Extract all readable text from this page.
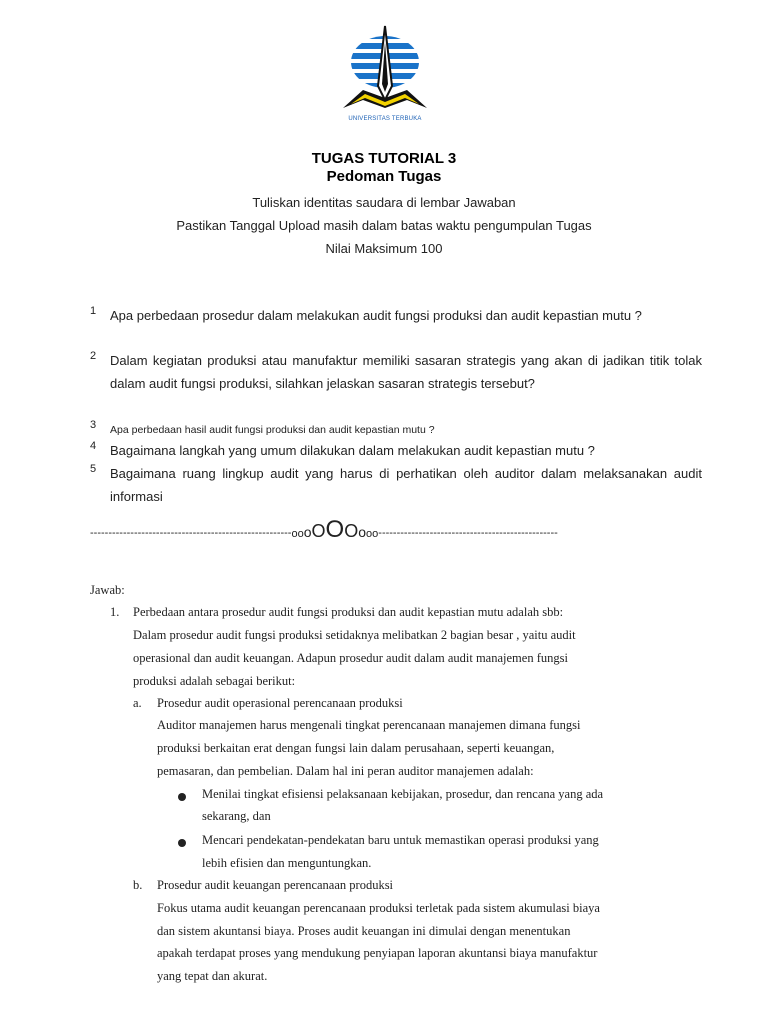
UNIVERSITAS TERBUKA
TUGAS TUTORIAL 3
Pedoman Tugas
Tuliskan identitas saudara di lembar Jawaban
Pastikan Tanggal Upload masih dalam batas waktu pengumpulan Tugas
Nilai Maksimum 100
1 Apa perbedaan prosedur dalam melakukan audit fungsi produksi dan audit kepastian mutu ?
2 Dalam kegiatan produksi atau manufaktur memiliki sasaran strategis yang akan di jadikan titik tolak dalam audit fungsi produksi, silahkan jelaskan sasaran strategis tersebut?
3 Apa perbedaan hasil audit fungsi produksi dan audit kepastian mutu ?
4 Bagaimana langkah yang umum dilakukan dalam melakukan audit kepastian mutu ?
5 Bagaimana ruang lingkup audit yang harus di perhatikan oleh auditor dalam melaksanakan audit informasi
-------------------------------------------------------oooOOOooo-------------------------------------------------
Jawab:
1. Perbedaan antara prosedur audit fungsi produksi dan audit kepastian mutu adalah sbb:
Dalam prosedur audit fungsi produksi setidaknya melibatkan 2 bagian besar , yaitu audit
operasional dan audit keuangan. Adapun prosedur audit dalam audit manajemen fungsi
produksi adalah sebagai berikut:
a. Prosedur audit operasional perencanaan produksi
Auditor manajemen harus mengenali tingkat perencanaan manajemen dimana fungsi
produksi berkaitan erat dengan fungsi lain dalam perusahaan, seperti keuangan,
pemasaran, dan pembelian. Dalam hal ini peran auditor manajemen adalah:
Menilai tingkat efisiensi pelaksanaan kebijakan, prosedur, dan rencana yang ada
sekarang, dan
Mencari pendekatan-pendekatan baru untuk memastikan operasi produksi yang
lebih efisien dan menguntungkan.
b. Prosedur audit keuangan perencanaan produksi
Fokus utama audit keuangan perencanaan produksi terletak pada sistem akumulasi biaya
dan sistem akuntansi biaya. Proses audit keuangan ini dimulai dengan menentukan
apakah terdapat proses yang mendukung penyiapan laporan akuntansi biaya manufaktur
yang tepat dan akurat.
